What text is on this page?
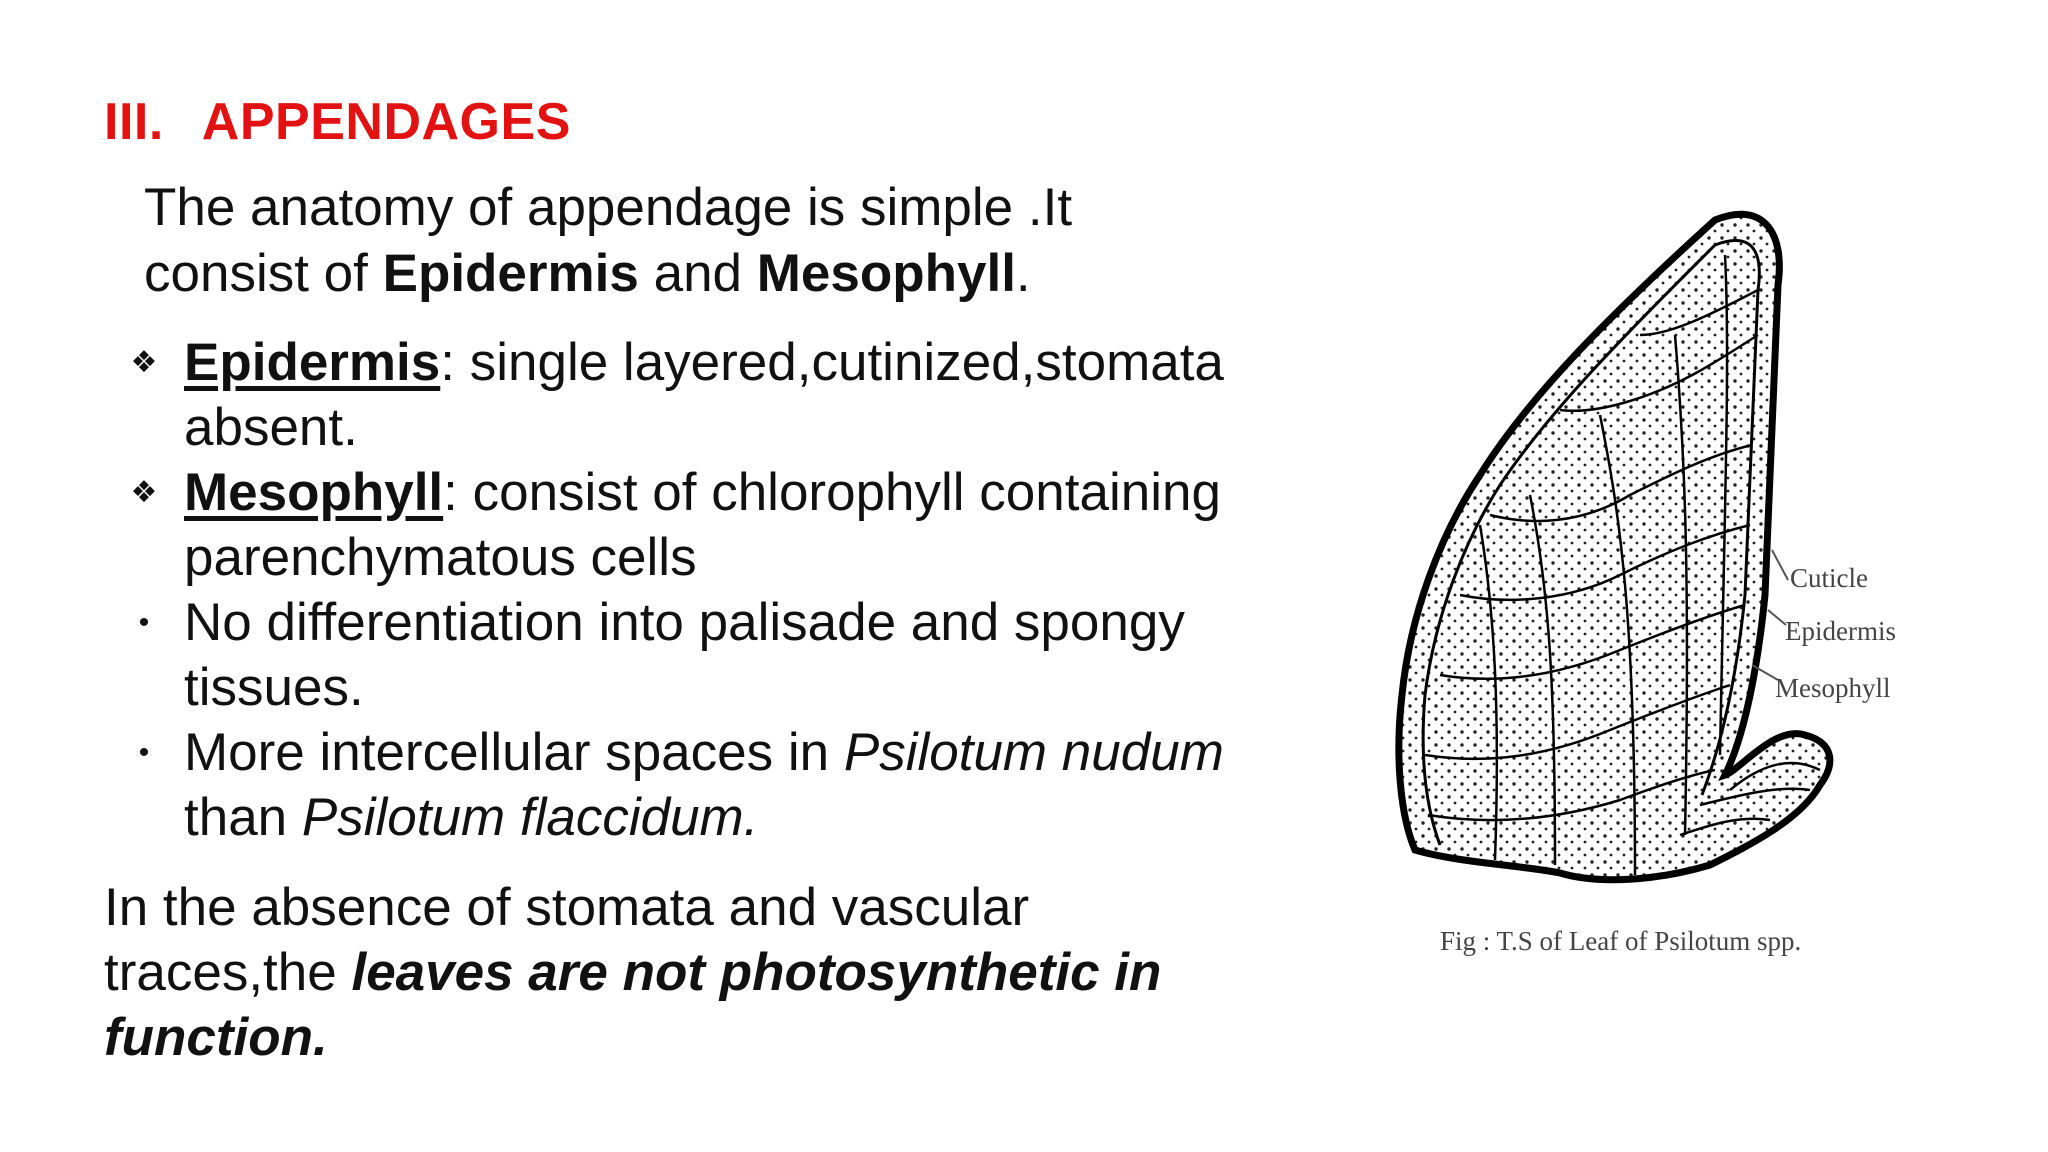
III. APPENDAGES
The anatomy of appendage is simple .It consist of Epidermis and Mesophyll.
❖ Epidermis: single layered,cutinized,stomata absent.
❖ Mesophyll: consist of chlorophyll containing parenchymatous cells
• No differentiation into palisade and spongy tissues.
• More intercellular spaces in Psilotum nudum than Psilotum flaccidum.
In the absence of stomata and vascular traces,the leaves are not photosynthetic in function.
Cuticle
Epidermis
Mesophyll
Fig : T.S of Leaf of Psilotum spp.
